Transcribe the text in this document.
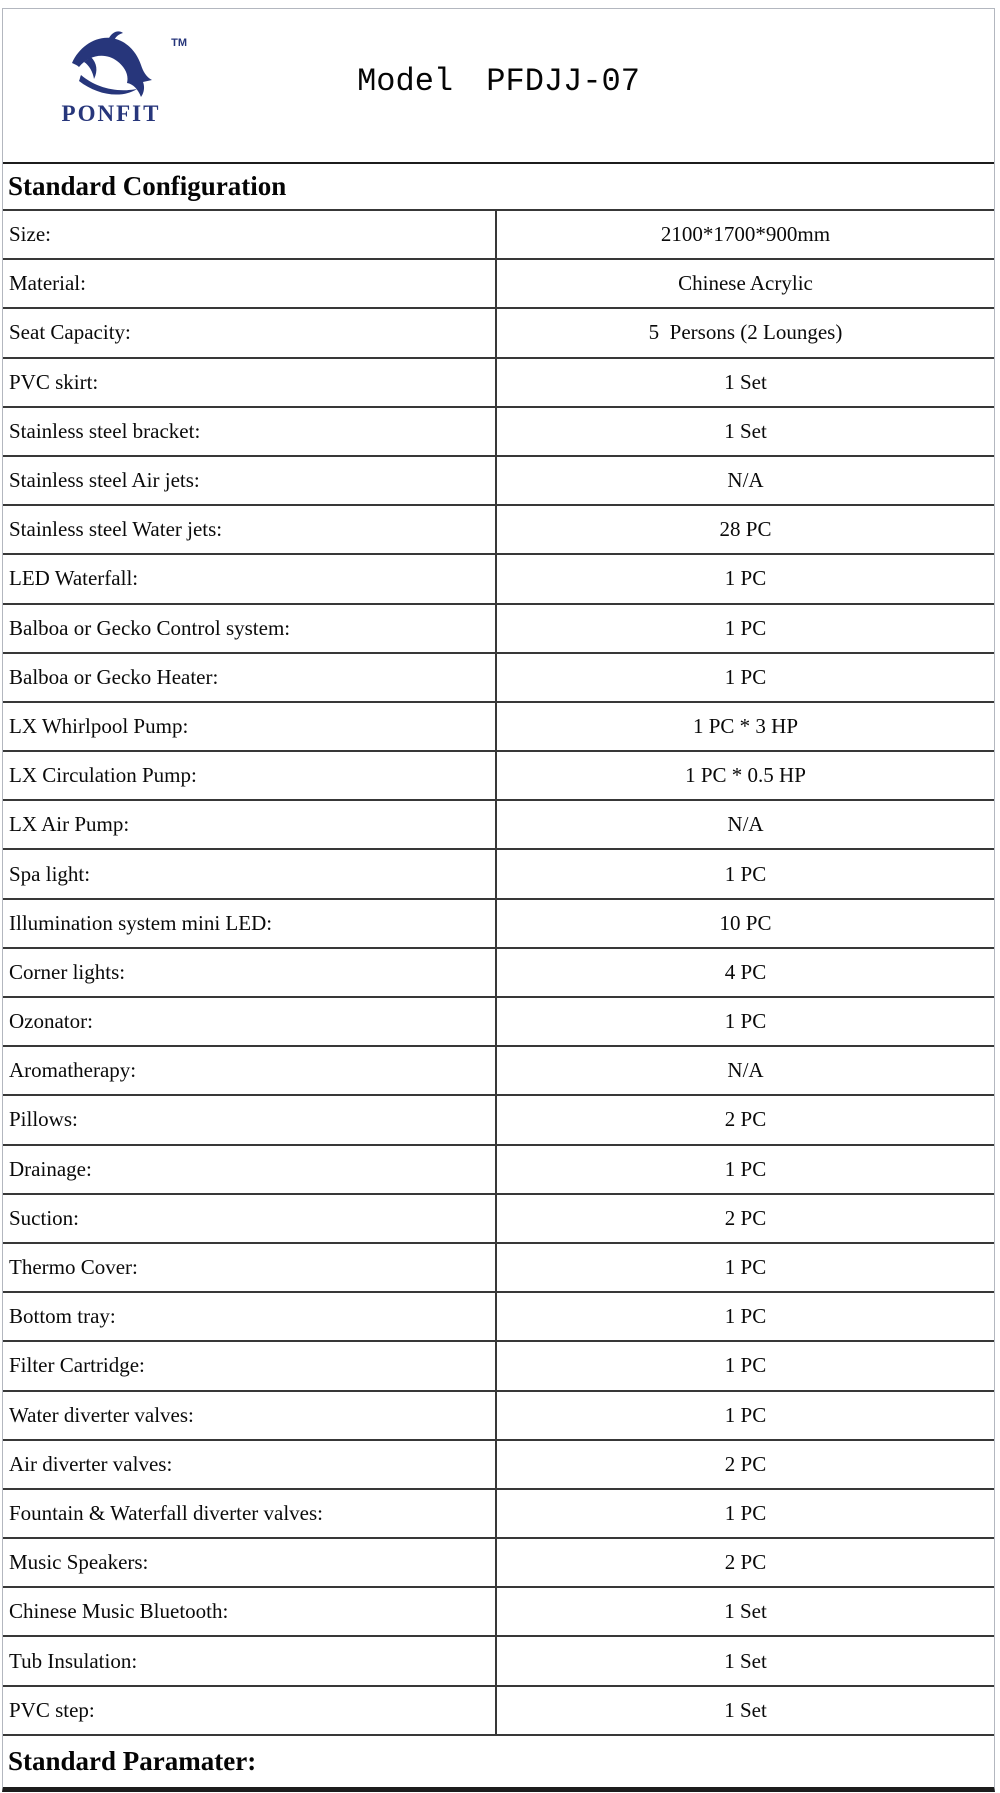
TM
PONFIT
Model PFDJJ-07
Standard Configuration
Size:	2100*1700*900mm
Material:	Chinese Acrylic
Seat Capacity:	5  Persons (2 Lounges)
PVC skirt:	1 Set
Stainless steel bracket:	1 Set
Stainless steel Air jets:	N/A
Stainless steel Water jets:	28 PC
LED Waterfall:	1 PC
Balboa or Gecko Control system:	1 PC
Balboa or Gecko Heater:	1 PC
LX Whirlpool Pump:	1 PC * 3 HP
LX Circulation Pump:	1 PC * 0.5 HP
LX Air Pump:	N/A
Spa light:	1 PC
Illumination system mini LED:	10 PC
Corner lights:	4 PC
Ozonator:	1 PC
Aromatherapy:	N/A
Pillows:	2 PC
Drainage:	1 PC
Suction:	2 PC
Thermo Cover:	1 PC
Bottom tray:	1 PC
Filter Cartridge:	1 PC
Water diverter valves:	1 PC
Air diverter valves:	2 PC
Fountain & Waterfall diverter valves:	1 PC
Music Speakers:	2 PC
Chinese Music Bluetooth:	1 Set
Tub Insulation:	1 Set
PVC step:	1 Set
Standard Paramater:
